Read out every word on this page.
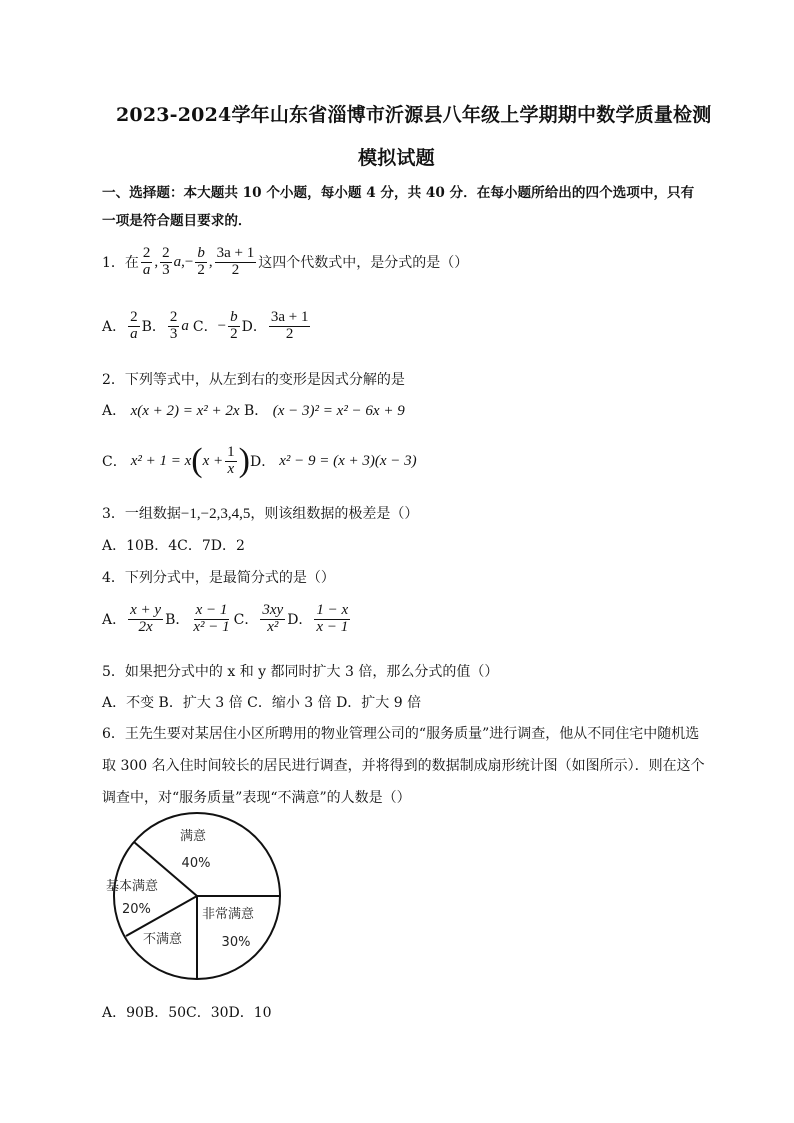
2023-2024学年山东省淄博市沂源县八年级上学期期中数学质量检测
模拟试题
一、选择题：本大题共 10 个小题，每小题 4 分，共 40 分．在每小题所给出的四个选项中，只有
一项是符合题目要求的．
1． 在 $\frac{2}{a}$ , $\frac{2}{3}$ a , − $\frac{b}{2}$ , $\frac{3a + 1}{2}$ 这四个代数式中，是分式的是（）
A． $\frac{2}{a}$ B． $\frac{2}{3}$ a C． − $\frac{b}{2}$ D． $\frac{3a + 1}{2}$
2．下列等式中，从左到右的变形是因式分解的是
A． x(x + 2) = x² + 2x B． (x − 3)² = x² − 6x + 9
C． x² + 1 = x ( $x + \frac{1}{x}$ ) D． x² − 9 = (x + 3)(x − 3)
3．一组数据−1,−2,3,4,5，则该组数据的极差是（）
A．10B．4C．7D．2
4．下列分式中，是最简分式的是（）
A． $\frac{x + y}{2x}$ B． $\frac{x - 1}{\text{x² − 1}}$ C． $\frac{3xy}{\text{x²}}$ D． $\frac{1 - x}{x - 1}$
5．如果把分式中的 x 和 y 都同时扩大 3 倍，那么分式的值（）
A．不变 B．扩大 3 倍 C．缩小 3 倍 D．扩大 9 倍
6．王先生要对某居住小区所聘用的物业管理公司的“服务质量”进行调查，他从不同住宅中随机选
取 300 名入住时间较长的居民进行调查，并将得到的数据制成扇形统计图（如图所示）．则在这个
调查中，对“服务质量”表现“不满意”的人数是（）
满意
40%
基本满意
20%
不满意
非常满意
30%
A．90B．50C．30D．10
